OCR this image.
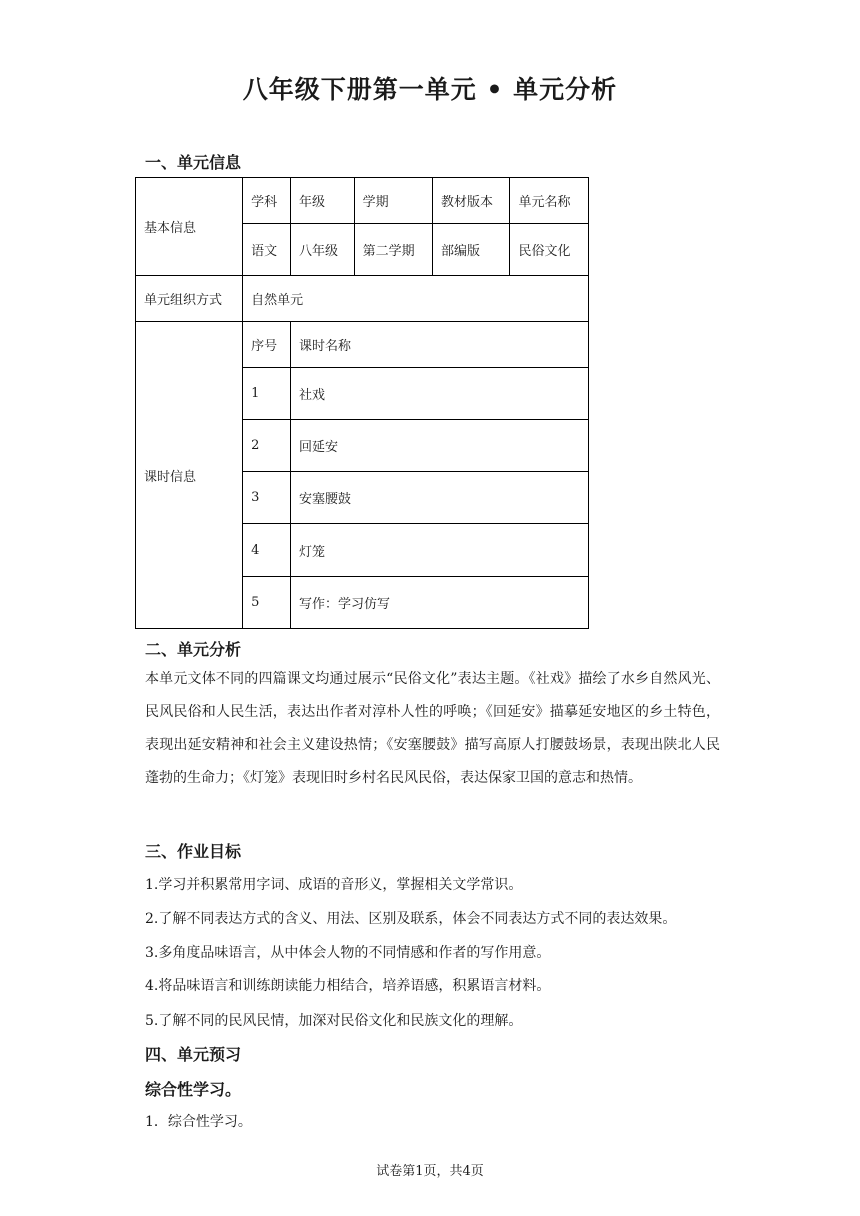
八年级下册第一单元 • 单元分析
一、单元信息
基本信息	学科	年级	学期	教材版本	单元名称
	语文	八年级	第二学期	部编版	民俗文化
单元组织方式	自然单元				
课时信息	序号	课时名称			
	1	社戏			
	2	回延安			
	3	安塞腰鼓			
	4	灯笼			
	5	写作：学习仿写			
二、单元分析
本单元文体不同的四篇课文均通过展示“民俗文化”表达主题。《社戏》描绘了水乡自然风光、民风民俗和人民生活，表达出作者对淳朴人性的呼唤；《回延安》描摹延安地区的乡土特色，表现出延安精神和社会主义建设热情；《安塞腰鼓》描写高原人打腰鼓场景，表现出陕北人民蓬勃的生命力；《灯笼》表现旧时乡村名民风民俗，表达保家卫国的意志和热情。
三、作业目标
1.学习并积累常用字词、成语的音形义，掌握相关文学常识。
2.了解不同表达方式的含义、用法、区别及联系，体会不同表达方式不同的表达效果。
3.多角度品味语言，从中体会人物的不同情感和作者的写作用意。
4.将品味语言和训练朗读能力相结合，培养语感，积累语言材料。
5.了解不同的民风民情，加深对民俗文化和民族文化的理解。
四、单元预习
综合性学习。
1．综合性学习。
试卷第1页，共4页
